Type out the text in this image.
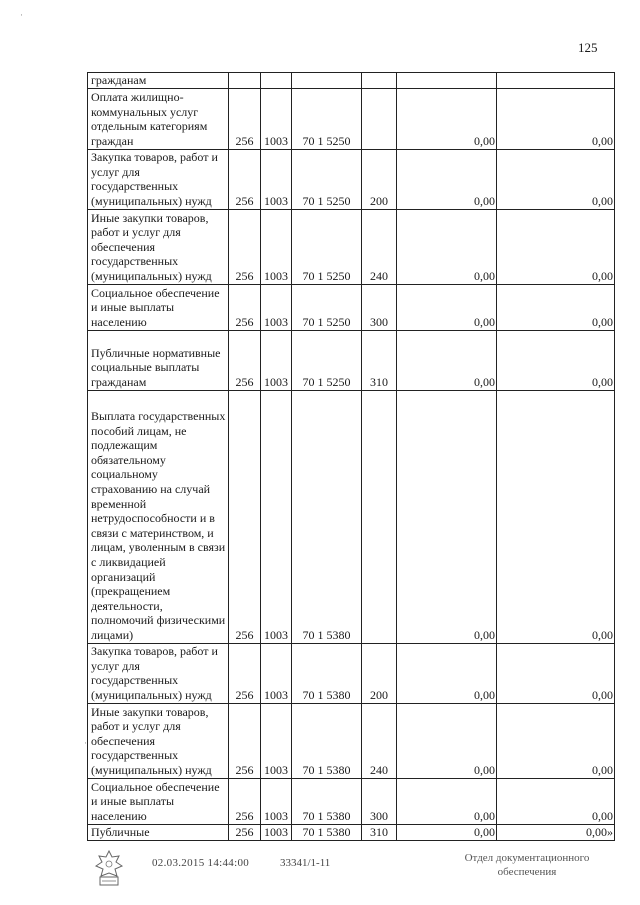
125
гражданам						
Оплата жилищно-коммунальных услуг отдельным категориям граждан	256	1003	70 1 5250		0,00	0,00
Закупка товаров, работ и услуг для государственных (муниципальных) нужд	256	1003	70 1 5250	200	0,00	0,00
Иные закупки товаров, работ и услуг для обеспечения государственных (муниципальных) нужд	256	1003	70 1 5250	240	0,00	0,00
Социальное обеспечение и иные выплаты населению	256	1003	70 1 5250	300	0,00	0,00
Публичные нормативные социальные выплаты гражданам	256	1003	70 1 5250	310	0,00	0,00
Выплата государственных пособий лицам, не подлежащим обязательному социальному страхованию на случай временной нетрудоспособности и в связи с материнством, и лицам, уволенным в связи с ликвидацией организаций (прекращением деятельности, полномочий физическими лицами)	256	1003	70 1 5380		0,00	0,00
Закупка товаров, работ и услуг для государственных (муниципальных) нужд	256	1003	70 1 5380	200	0,00	0,00
Иные закупки товаров, работ и услуг для обеспечения государственных (муниципальных) нужд	256	1003	70 1 5380	240	0,00	0,00
Социальное обеспечение и иные выплаты населению	256	1003	70 1 5380	300	0,00	0,00
Публичные	256	1003	70 1 5380	310	0,00	0,00»
·
·
02.03.2015 14:44:00	33341/1-11	Отдел документационного
обеспечения
